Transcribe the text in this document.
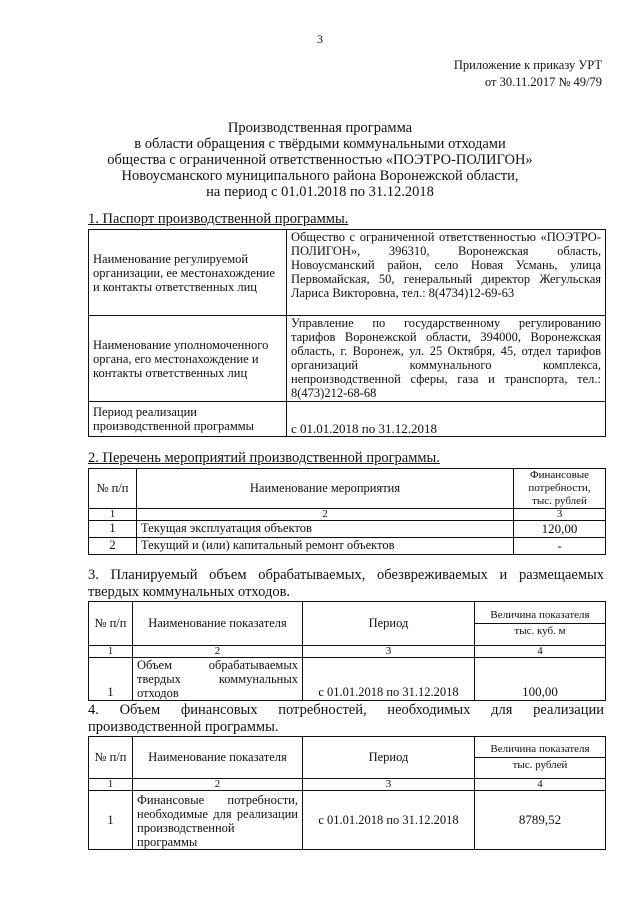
3
Приложение к приказу УРТ
от 30.11.2017 № 49/79
Производственная программа
в области обращения с твёрдыми коммунальными отходами
общества с ограниченной ответственностью «ПОЭТРО-ПОЛИГОН»
Новоусманского муниципального района Воронежской области,
на период с 01.01.2018 по 31.12.2018
1. Паспорт производственной программы.
Наименование регулируемой организации, ее местонахождение и контакты ответственных лиц	Общество с ограниченной ответственностью «ПОЭТРО-ПОЛИГОН», 396310, Воронежская область, Новоусманский район, село Новая Усмань, улица Первомайская, 50, генеральный директор Жегульская Лариса Викторовна, тел.: 8(4734)12-69-63
Наименование уполномоченного органа, его местонахождение и контакты ответственных лиц	Управление по государственному регулированию тарифов Воронежской области, 394000, Воронежская область, г. Воронеж, ул. 25 Октября, 45, отдел тарифов организаций коммунального комплекса, непроизводственной сферы, газа и транспорта, тел.: 8(473)212-68-68
Период реализации производственной программы	с 01.01.2018 по 31.12.2018
2. Перечень мероприятий производственной программы.
№ п/п	Наименование мероприятия	Финансовые потребности, тыс. рублей
1	2	3
1	Текущая эксплуатация объектов	120,00
2	Текущий и (или) капитальный ремонт объектов	-
3. Планируемый объем обрабатываемых, обезвреживаемых и размещаемых
твердых коммунальных отходов.
№ п/п	Наименование показателя	Период	Величина показателя
тыс. куб. м

1	2	3	4
1	Объем обрабатываемых твердых коммунальных отходов	с 01.01.2018 по 31.12.2018	100,00
4. Объем финансовых потребностей, необходимых для реализации
производственной программы.
№ п/п	Наименование показателя	Период	Величина показателя
тыс. рублей

1	2	3	4
1	Финансовые потребности, необходимые для реализации производственной программы	с 01.01.2018 по 31.12.2018	8789,52
